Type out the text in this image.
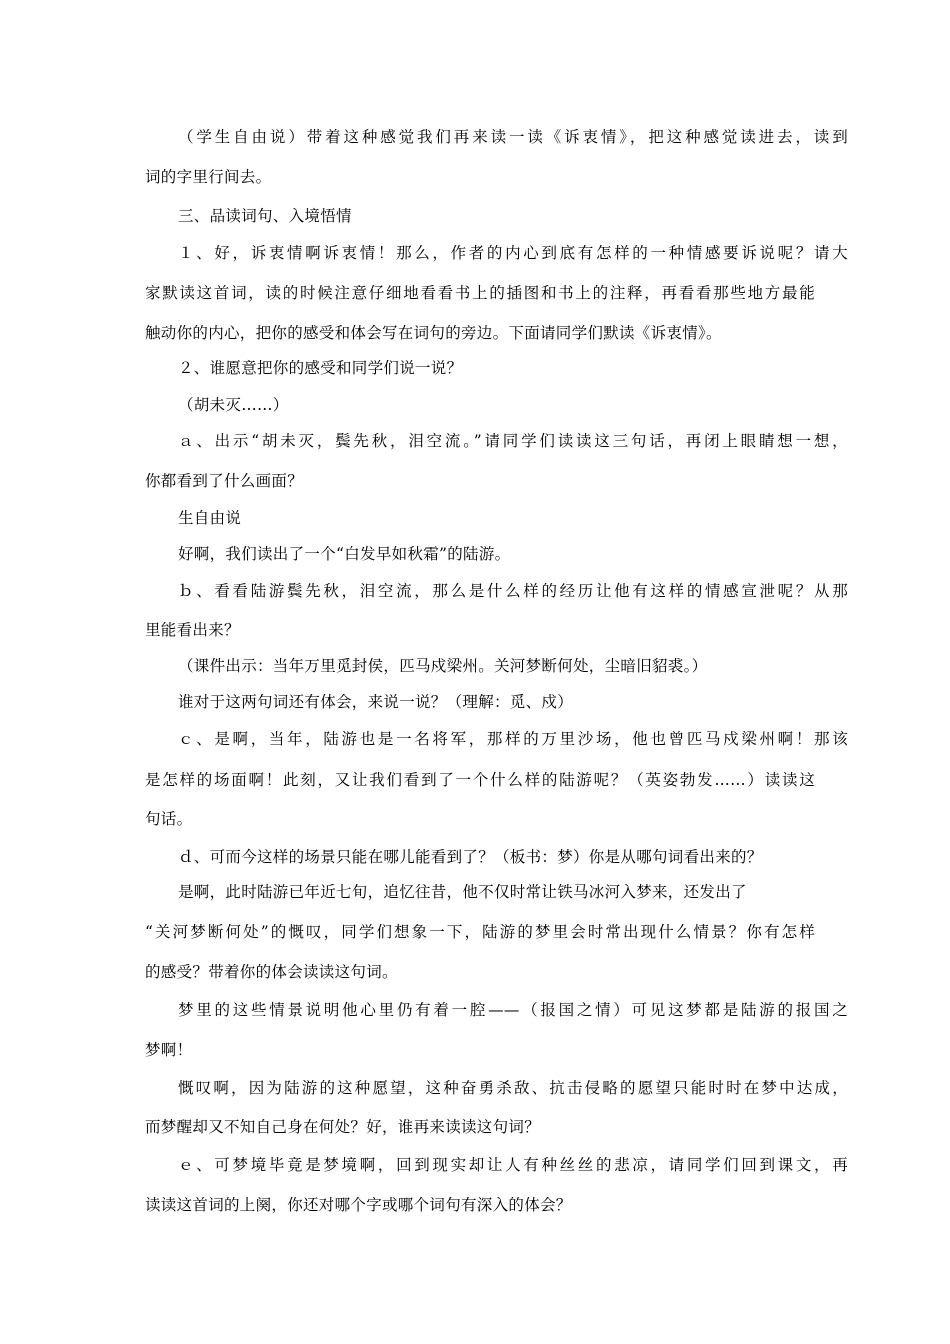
（学生自由说）带着这种感觉我们再来读一读《诉衷情》，把这种感觉读进去，读到
词的字里行间去。
三、品读词句、入境悟情
１、好，诉衷情啊诉衷情！那么，作者的内心到底有怎样的一种情感要诉说呢？请大
家默读这首词，读的时候注意仔细地看看书上的插图和书上的注释，再看看那些地方最能
触动你的内心，把你的感受和体会写在词句的旁边。下面请同学们默读《诉衷情》。
２、谁愿意把你的感受和同学们说一说？
（胡未灭……）
ａ、出示“胡未灭，鬓先秋，泪空流。”请同学们读读这三句话，再闭上眼睛想一想，
你都看到了什么画面？
生自由说
好啊，我们读出了一个“白发早如秋霜”的陆游。
ｂ、看看陆游鬓先秋，泪空流，那么是什么样的经历让他有这样的情感宣泄呢？从那
里能看出来？
（课件出示：当年万里觅封侯，匹马戍梁州。关河梦断何处，尘暗旧貂裘。）
谁对于这两句词还有体会，来说一说？（理解：觅、戍）
ｃ、是啊，当年，陆游也是一名将军，那样的万里沙场，他也曾匹马戍梁州啊！那该
是怎样的场面啊！此刻，又让我们看到了一个什么样的陆游呢？（英姿勃发……）读读这
句话。
ｄ、可而今这样的场景只能在哪儿能看到了？（板书：梦）你是从哪句词看出来的？
是啊，此时陆游已年近七旬，追忆往昔，他不仅时常让铁马冰河入梦来，还发出了
“关河梦断何处”的慨叹，同学们想象一下，陆游的梦里会时常出现什么情景？你有怎样
的感受？带着你的体会读读这句词。
梦里的这些情景说明他心里仍有着一腔——（报国之情）可见这梦都是陆游的报国之
梦啊！
慨叹啊，因为陆游的这种愿望，这种奋勇杀敌、抗击侵略的愿望只能时时在梦中达成，
而梦醒却又不知自己身在何处？好，谁再来读读这句词？
ｅ、可梦境毕竟是梦境啊，回到现实却让人有种丝丝的悲凉，请同学们回到课文，再
读读这首词的上阕，你还对哪个字或哪个词句有深入的体会？
